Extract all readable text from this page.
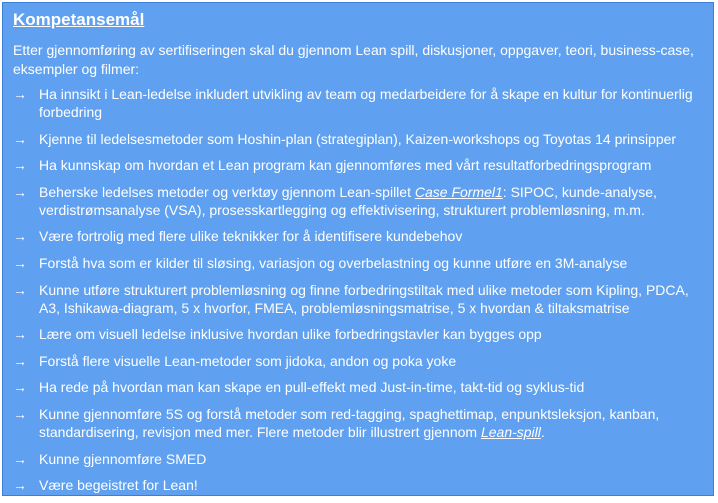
Kompetansemål

Etter gjennomføring av sertifiseringen skal du gjennom Lean spill, diskusjoner, oppgaver, teori, business-case, eksempler og filmer:

→ Ha innsikt i Lean-ledelse inkludert utvikling av team og medarbeidere for å skape en kultur for kontinuerlig forbedring
→ Kjenne til ledelsesmetoder som Hoshin-plan (strategiplan), Kaizen-workshops og Toyotas 14 prinsipper
→ Ha kunnskap om hvordan et Lean program kan gjennomføres med vårt resultatforbedringsprogram
→ Beherske ledelses metoder og verktøy gjennom Lean-spillet Case Formel1: SIPOC, kunde-analyse, verdistrømsanalyse (VSA), prosesskartlegging og effektivisering, strukturert problemløsning, m.m.
→ Være fortrolig med flere ulike teknikker for å identifisere kundebehov
→ Forstå hva som er kilder til sløsing, variasjon og overbelastning og kunne utføre en 3M-analyse
→ Kunne utføre strukturert problemløsning og finne forbedringstiltak med ulike metoder som Kipling, PDCA, A3, Ishikawa-diagram, 5 x hvorfor, FMEA, problemløsningsmatrise, 5 x hvordan & tiltaksmatrise
→ Lære om visuell ledelse inklusive hvordan ulike forbedringstavler kan bygges opp
→ Forstå flere visuelle Lean-metoder som jidoka, andon og poka yoke
→ Ha rede på hvordan man kan skape en pull-effekt med Just-in-time, takt-tid og syklus-tid
→ Kunne gjennomføre 5S og forstå metoder som red-tagging, spaghettimap, enpunktsleksjon, kanban, standardisering, revisjon med mer. Flere metoder blir illustrert gjennom Lean-spill.
→ Kunne gjennomføre SMED
→ Være begeistret for Lean!
